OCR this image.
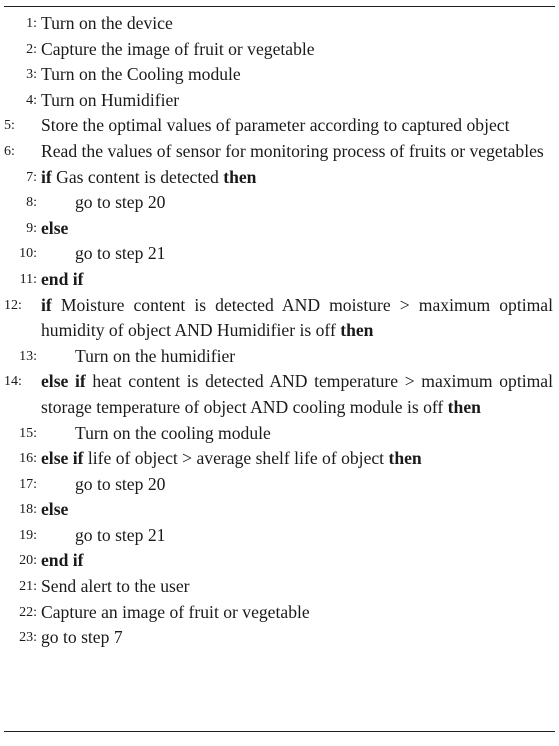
1: Turn on the device
2: Capture the image of fruit or vegetable
3: Turn on the Cooling module
4: Turn on Humidifier
5:	Store the optimal values of parameter according to captured object
6:	Read the values of sensor for monitoring process of fruits or vegetables
7: if Gas content is detected then
8: go to step 20
9: else
10: go to step 21
11: end if
12:	if Moisture content is detected AND moisture > maximum optimal humidity of object AND Humidifier is off then
13: Turn on the humidifier
14:	else if heat content is detected AND temperature > maximum optimal storage temperature of object AND cooling module is off then
15: Turn on the cooling module
16: else if life of object > average shelf life of object then
17: go to step 20
18: else
19: go to step 21
20: end if
21: Send alert to the user
22: Capture an image of fruit or vegetable
23: go to step 7
